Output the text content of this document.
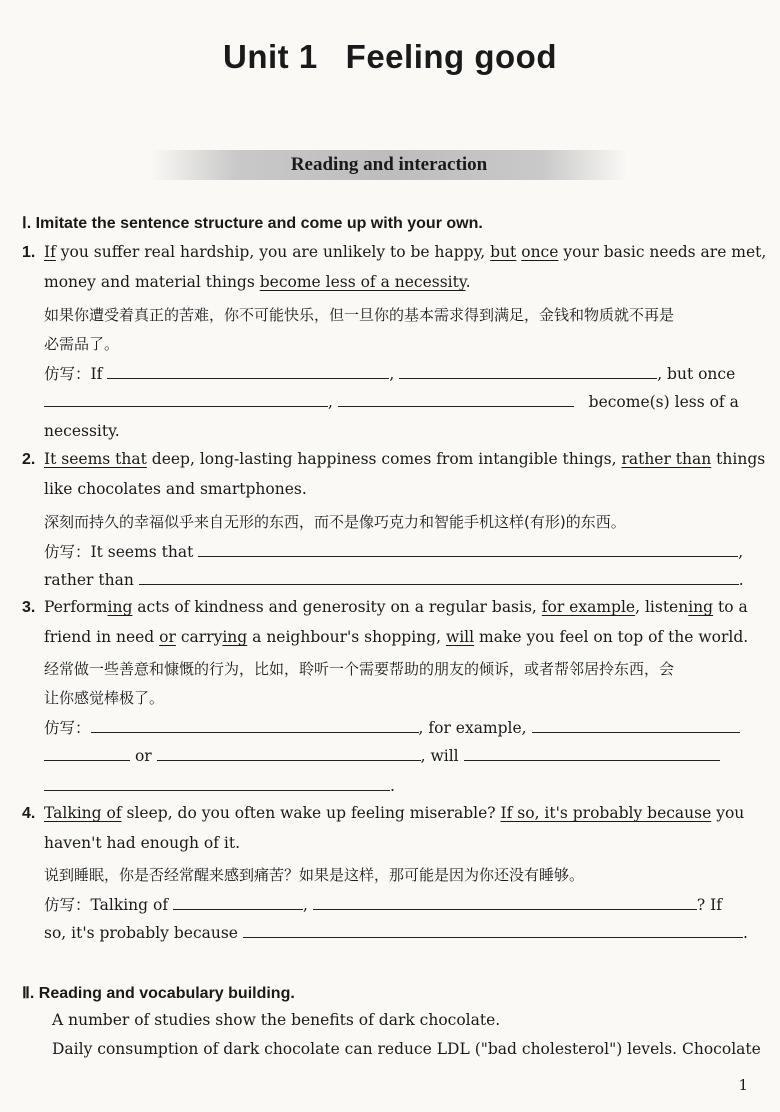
Unit 1 Feeling good
Reading and interaction
Ⅰ. Imitate the sentence structure and come up with your own.
1. If you suffer real hardship, you are unlikely to be happy, but once your basic needs are met,
money and material things become less of a necessity.
如果你遭受着真正的苦难，你不可能快乐，但一旦你的基本需求得到满足，金钱和物质就不再是
必需品了。
仿写：If	,	, but once
,	become(s) less of a
necessity.
2. It seems that deep, long-lasting happiness comes from intangible things, rather than things
like chocolates and smartphones.
深刻而持久的幸福似乎来自无形的东西，而不是像巧克力和智能手机这样(有形)的东西。
仿写：It seems that	,
rather than	.
3. Performing acts of kindness and generosity on a regular basis, for example, listening to a
friend in need or carrying a neighbour's shopping, will make you feel on top of the world.
经常做一些善意和慷慨的行为，比如，聆听一个需要帮助的朋友的倾诉，或者帮邻居拎东西，会
让你感觉棒极了。
仿写：	, for example,
or	, will
.
4. Talking of sleep, do you often wake up feeling miserable? If so, it's probably because you
haven't had enough of it.
说到睡眠，你是否经常醒来感到痛苦？如果是这样，那可能是因为你还没有睡够。
仿写：Talking of	,	? If
so, it's probably because	.
Ⅱ. Reading and vocabulary building.
A number of studies show the benefits of dark chocolate.
Daily consumption of dark chocolate can reduce LDL ("bad cholesterol") levels. Chocolate
1
